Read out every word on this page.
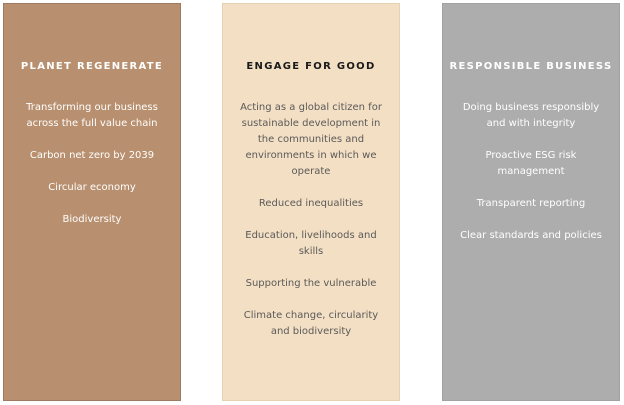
PLANET REGENERATE

Transforming our business across the full value chain

Carbon net zero by 2039

Circular economy

Biodiversity

ENGAGE FOR GOOD

Acting as a global citizen for sustainable development in the communities and environments in which we operate

Reduced inequalities

Education, livelihoods and skills

Supporting the vulnerable

Climate change, circularity and biodiversity

RESPONSIBLE BUSINESS

Doing business responsibly and with integrity

Proactive ESG risk management

Transparent reporting

Clear standards and policies
